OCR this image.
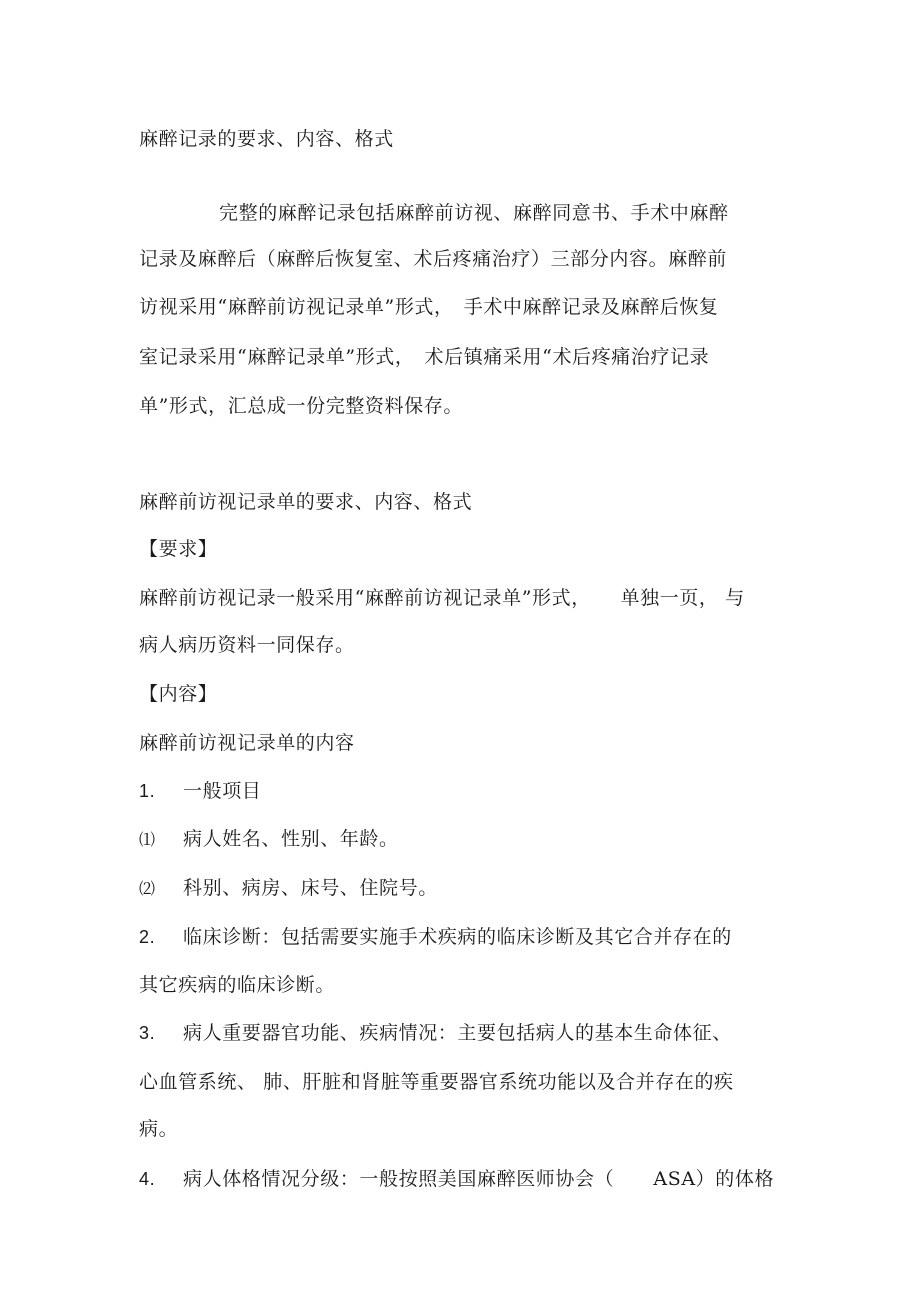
麻醉记录的要求、内容、格式
完整的麻醉记录包括麻醉前访视、麻醉同意书、手术中麻醉
记录及麻醉后（麻醉后恢复室、术后疼痛治疗）三部分内容。麻醉前
访视采用“麻醉前访视记录单”形式，　手术中麻醉记录及麻醉后恢复
室记录采用“麻醉记录单”形式，　术后镇痛采用“术后疼痛治疗记录
单”形式，汇总成一份完整资料保存。
麻醉前访视记录单的要求、内容、格式
【要求】
麻醉前访视记录一般采用“麻醉前访视记录单”形式，　　单独一页， 与
病人病历资料一同保存。
【内容】
麻醉前访视记录单的内容
1. 一般项目
⑴ 病人姓名、性别、年龄。
⑵ 科别、病房、床号、住院号。
2. 临床诊断：包括需要实施手术疾病的临床诊断及其它合并存在的
其它疾病的临床诊断。
3. 病人重要器官功能、疾病情况：主要包括病人的基本生命体征、
心血管系统、 肺、肝脏和肾脏等重要器官系统功能以及合并存在的疾
病。
4. 病人体格情况分级：一般按照美国麻醉医师协会（　　ASA）的体格
